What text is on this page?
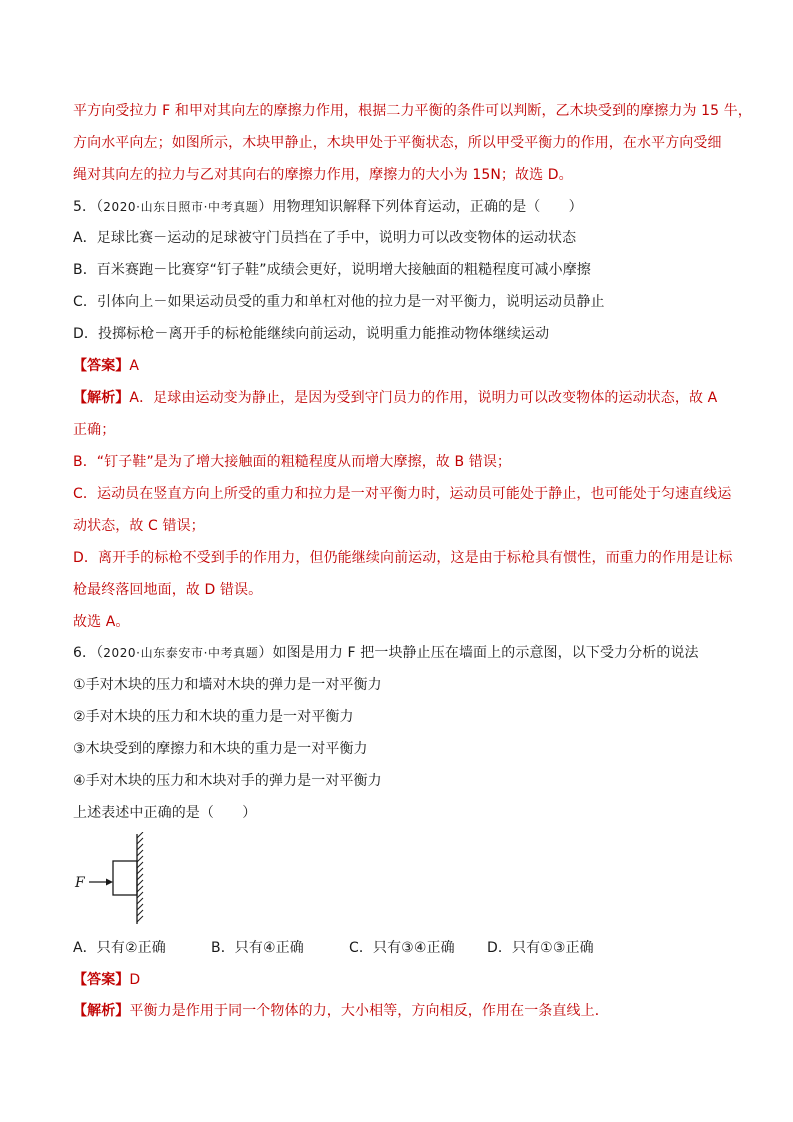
平方向受拉力 F 和甲对其向左的摩擦力作用，根据二力平衡的条件可以判断，乙木块受到的摩擦力为 15 牛，
方向水平向左；如图所示，木块甲静止，木块甲处于平衡状态，所以甲受平衡力的作用，在水平方向受细
绳对其向左的拉力与乙对其向右的摩擦力作用，摩擦力的大小为 15N；故选 D。
5．（2020·山东日照市·中考真题）用物理知识解释下列体育运动，正确的是（　　）
A．足球比赛－运动的足球被守门员挡在了手中，说明力可以改变物体的运动状态
B．百米赛跑－比赛穿“钉子鞋”成绩会更好，说明增大接触面的粗糙程度可减小摩擦
C．引体向上－如果运动员受的重力和单杠对他的拉力是一对平衡力，说明运动员静止
D．投掷标枪－离开手的标枪能继续向前运动，说明重力能推动物体继续运动
【答案】A
【解析】A．足球由运动变为静止，是因为受到守门员力的作用，说明力可以改变物体的运动状态，故 A
正确；
B．“钉子鞋”是为了增大接触面的粗糙程度从而增大摩擦，故 B 错误；
C．运动员在竖直方向上所受的重力和拉力是一对平衡力时，运动员可能处于静止，也可能处于匀速直线运
动状态，故 C 错误；
D．离开手的标枪不受到手的作用力，但仍能继续向前运动，这是由于标枪具有惯性，而重力的作用是让标
枪最终落回地面，故 D 错误。
故选 A。
6．（2020·山东泰安市·中考真题）如图是用力 F 把一块静止压在墙面上的示意图，以下受力分析的说法
①手对木块的压力和墙对木块的弹力是一对平衡力
②手对木块的压力和木块的重力是一对平衡力
③木块受到的摩擦力和木块的重力是一对平衡力
④手对木块的压力和木块对手的弹力是一对平衡力
上述表述中正确的是（　　）
F
A．只有②正确	B．只有④正确	C．只有③④正确 D．只有①③正确
【答案】D
【解析】平衡力是作用于同一个物体的力，大小相等，方向相反，作用在一条直线上．
